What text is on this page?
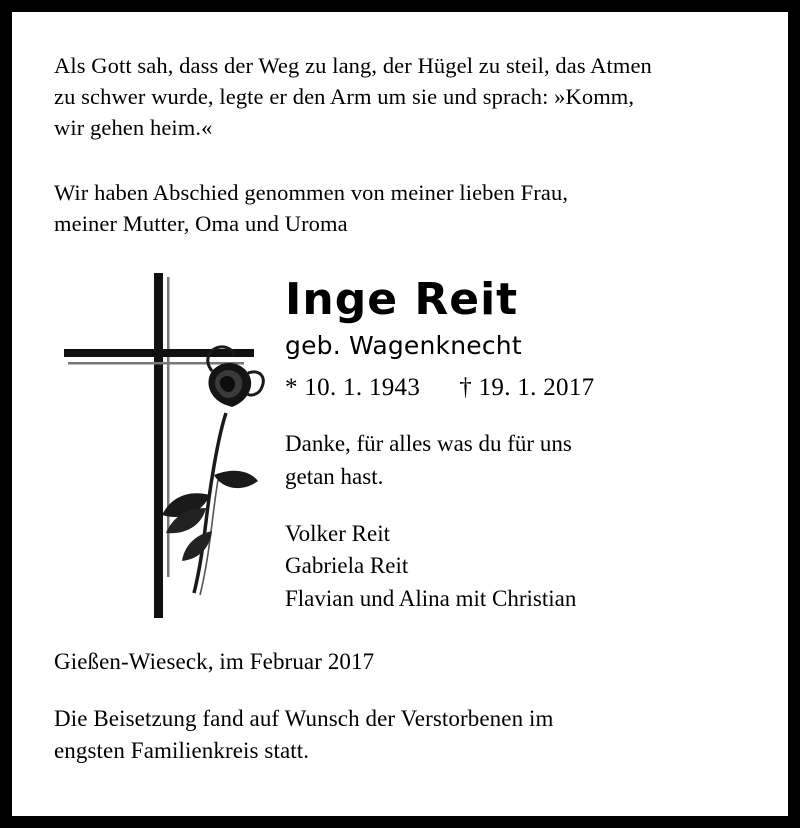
Als Gott sah, dass der Weg zu lang, der Hügel zu steil, das Atmen

zu schwer wurde, legte er den Arm um sie und sprach: »Komm,

wir gehen heim.«

Wir haben Abschied genommen von meiner lieben Frau,

meiner Mutter, Oma und Uroma

Inge Reit
geb. Wagenknecht
* 10. 1. 1943 † 19. 1. 2017

Danke, für alles was du für uns

getan hast.

Volker Reit

Gabriela Reit

Flavian und Alina mit Christian

Gießen-Wieseck, im Februar 2017

Die Beisetzung fand auf Wunsch der Verstorbenen im

engsten Familienkreis statt.
